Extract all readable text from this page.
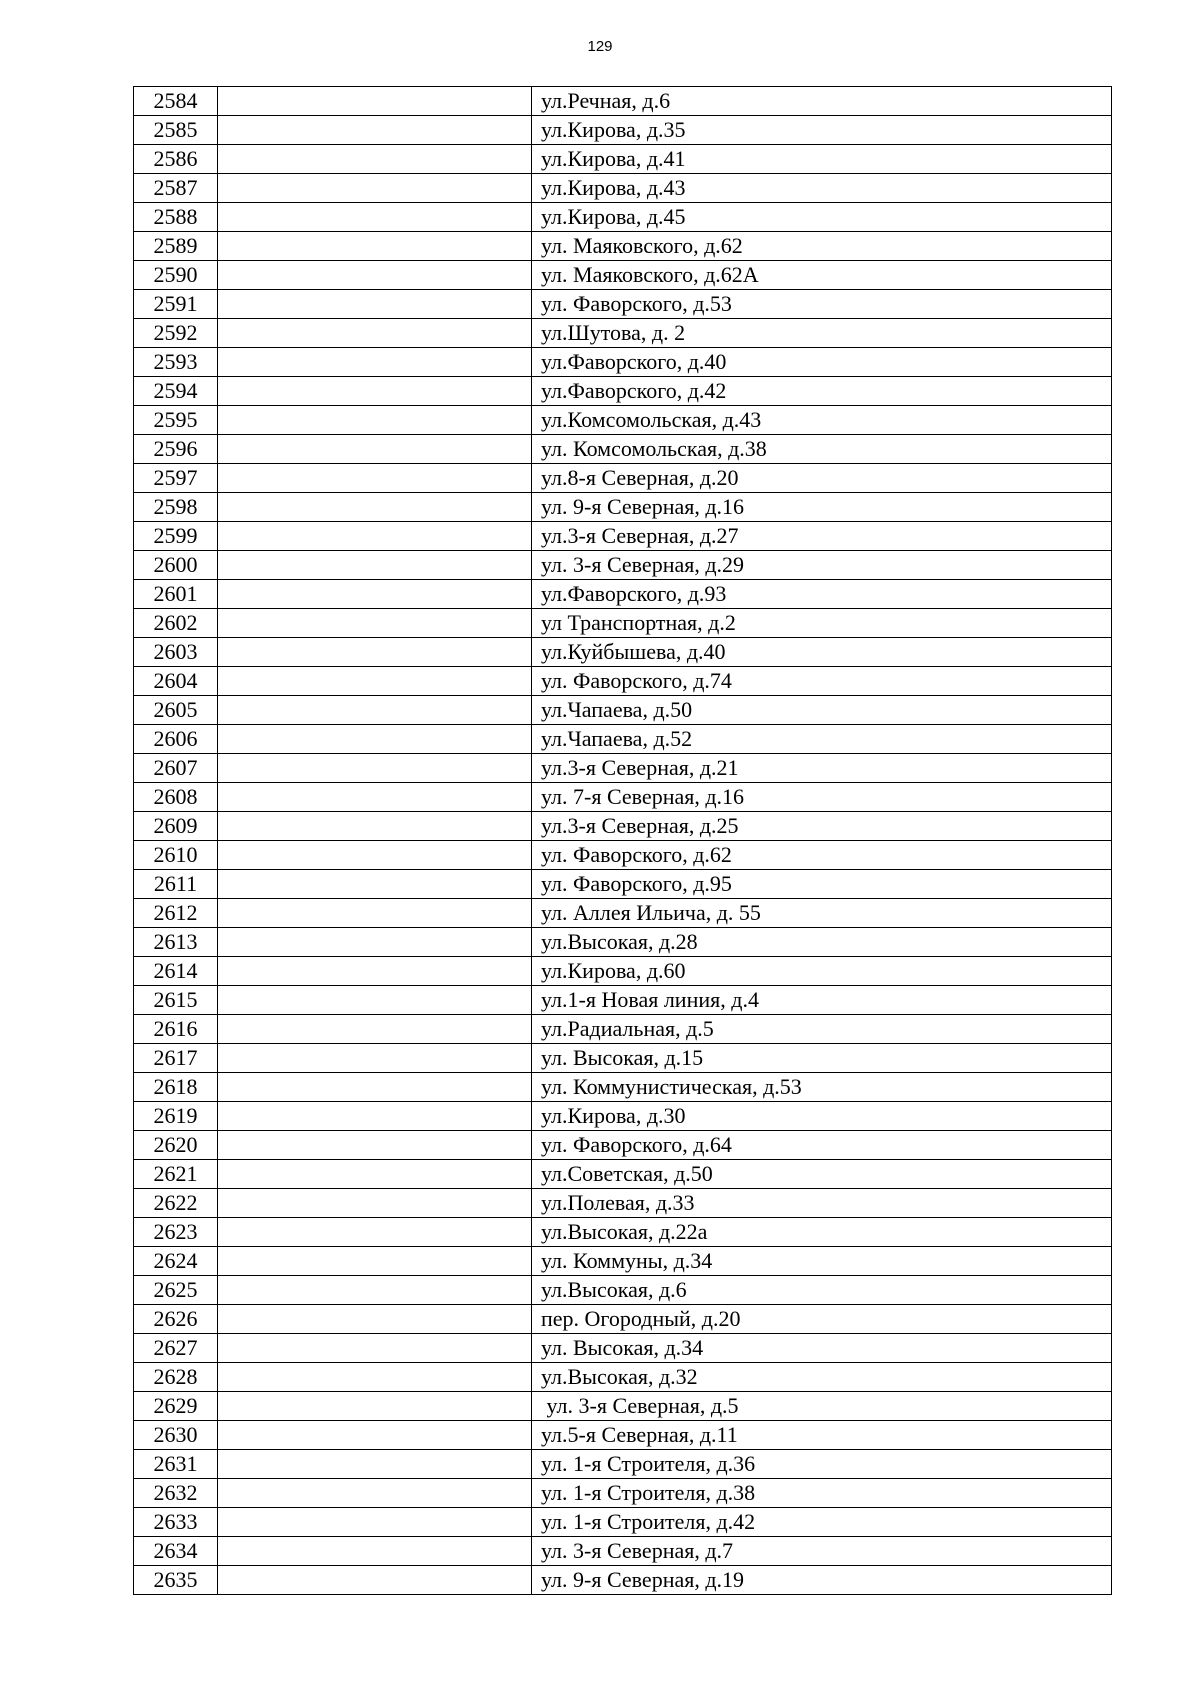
129
2584		ул.Речная, д.6
2585		ул.Кирова, д.35
2586		ул.Кирова, д.41
2587		ул.Кирова, д.43
2588		ул.Кирова, д.45
2589		ул. Маяковского, д.62
2590		ул. Маяковского, д.62А
2591		ул. Фаворского, д.53
2592		ул.Шутова, д. 2
2593		ул.Фаворского, д.40
2594		ул.Фаворского, д.42
2595		ул.Комсомольская, д.43
2596		ул. Комсомольская, д.38
2597		ул.8-я Северная, д.20
2598		ул. 9-я Северная, д.16
2599		ул.3-я Северная, д.27
2600		ул. 3-я Северная, д.29
2601		ул.Фаворского, д.93
2602		ул Транспортная, д.2
2603		ул.Куйбышева, д.40
2604		ул. Фаворского, д.74
2605		ул.Чапаева, д.50
2606		ул.Чапаева, д.52
2607		ул.3-я Северная, д.21
2608		ул. 7-я Северная, д.16
2609		ул.3-я Северная, д.25
2610		ул. Фаворского, д.62
2611		ул. Фаворского, д.95
2612		ул. Аллея Ильича, д. 55
2613		ул.Высокая, д.28
2614		ул.Кирова, д.60
2615		ул.1-я Новая линия, д.4
2616		ул.Радиальная, д.5
2617		ул. Высокая, д.15
2618		ул. Коммунистическая, д.53
2619		ул.Кирова, д.30
2620		ул. Фаворского, д.64
2621		ул.Советская, д.50
2622		ул.Полевая, д.33
2623		ул.Высокая, д.22а
2624		ул. Коммуны, д.34
2625		ул.Высокая, д.6
2626		пер. Огородный, д.20
2627		ул. Высокая, д.34
2628		ул.Высокая, д.32
2629		ул. 3-я Северная, д.5
2630		ул.5-я Северная, д.11
2631		ул. 1-я Строителя, д.36
2632		ул. 1-я Строителя, д.38
2633		ул. 1-я Строителя, д.42
2634		ул. 3-я Северная, д.7
2635		ул. 9-я Северная, д.19
